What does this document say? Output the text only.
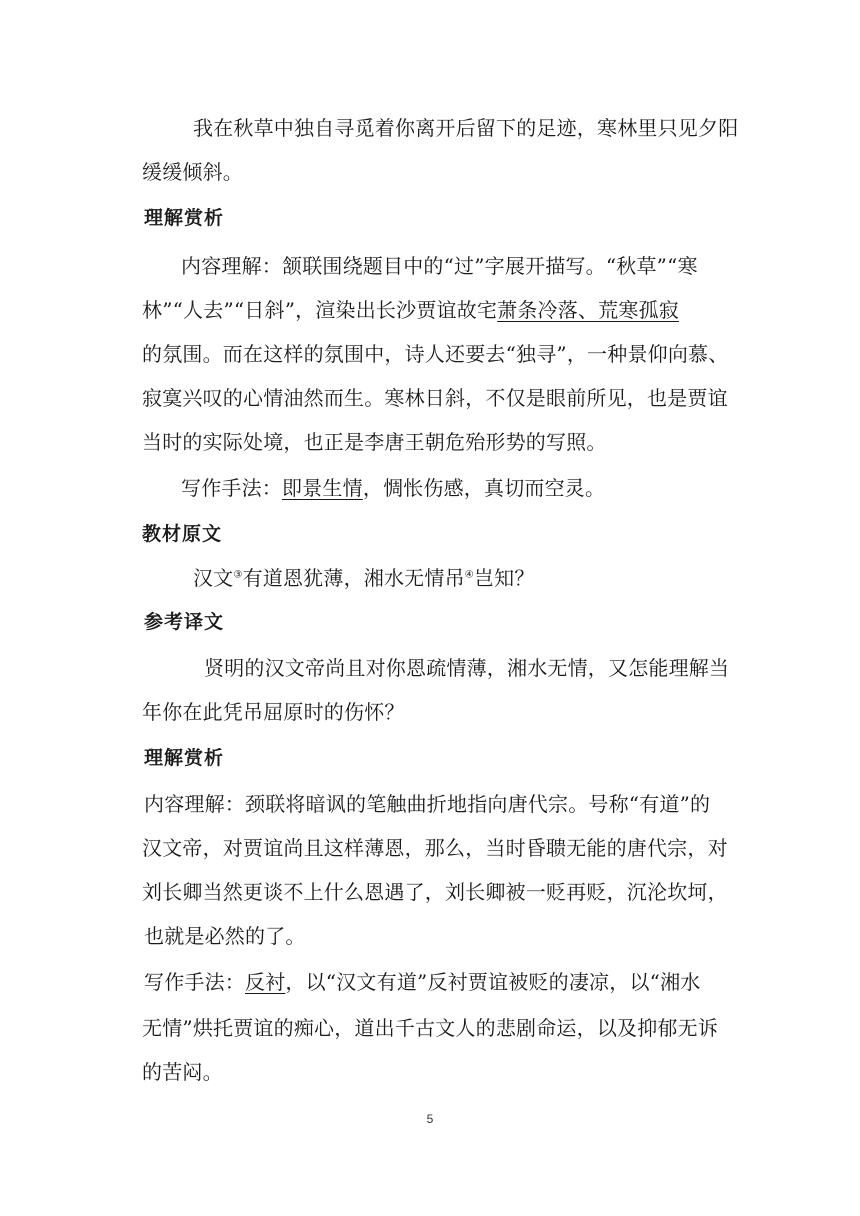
我在秋草中独自寻觅着你离开后留下的足迹，寒林里只见夕阳

缓缓倾斜。

理解赏析

内容理解：颔联围绕题目中的“过”字展开描写。“秋草”“寒

林”“人去”“日斜”，渲染出长沙贾谊故宅萧条冷落、荒寒孤寂

的氛围。而在这样的氛围中，诗人还要去“独寻”，一种景仰向慕、

寂寞兴叹的心情油然而生。寒林日斜，不仅是眼前所见，也是贾谊

当时的实际处境，也正是李唐王朝危殆形势的写照。

写作手法：即景生情，惆怅伤感，真切而空灵。

教材原文

汉文③有道恩犹薄，湘水无情吊④岂知？

参考译文

贤明的汉文帝尚且对你恩疏情薄，湘水无情，又怎能理解当

年你在此凭吊屈原时的伤怀？

理解赏析

内容理解：颈联将暗讽的笔触曲折地指向唐代宗。号称“有道”的

汉文帝，对贾谊尚且这样薄恩，那么，当时昏聩无能的唐代宗，对

刘长卿当然更谈不上什么恩遇了，刘长卿被一贬再贬，沉沦坎坷，

也就是必然的了。

写作手法：反衬，以“汉文有道”反衬贾谊被贬的凄凉，以“湘水

无情”烘托贾谊的痴心，道出千古文人的悲剧命运，以及抑郁无诉

的苦闷。

5
